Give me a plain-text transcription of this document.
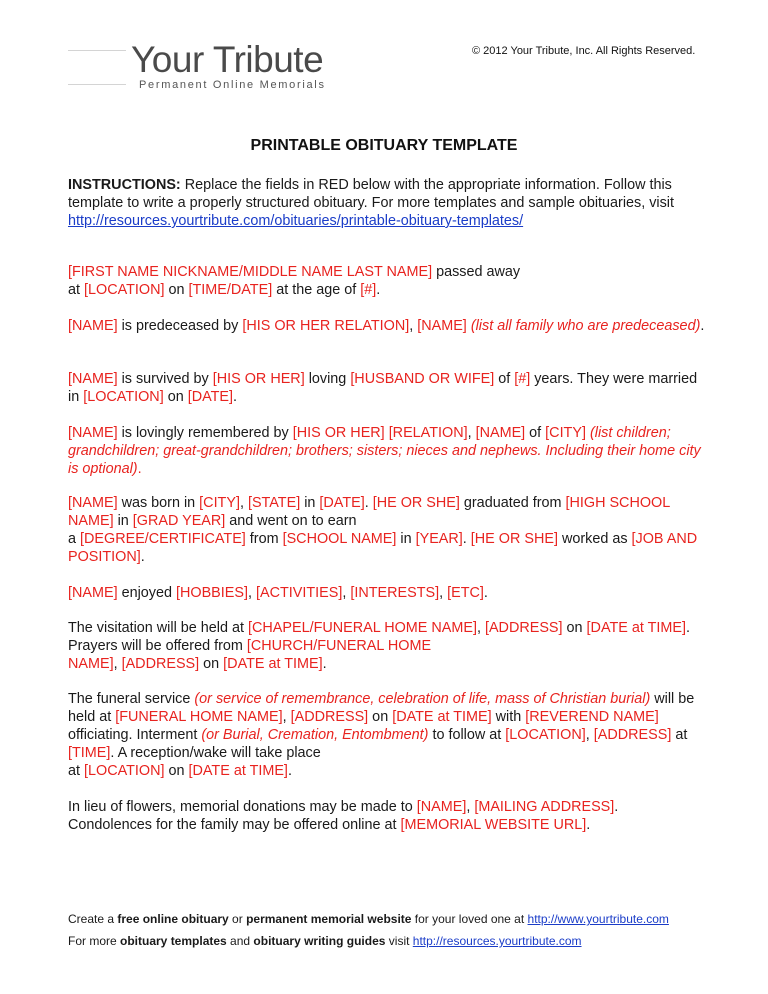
Your Tribute
Permanent Online Memorials
© 2012 Your Tribute, Inc. All Rights Reserved.
PRINTABLE OBITUARY TEMPLATE

INSTRUCTIONS: Replace the fields in RED below with the appropriate information. Follow this template to write a properly structured obituary. For more templates and sample obituaries, visit http://resources.yourtribute.com/obituaries/printable-obituary-templates/

[FIRST NAME NICKNAME/MIDDLE NAME LAST NAME] passed away
at [LOCATION] on [TIME/DATE] at the age of [#].

[NAME] is predeceased by [HIS OR HER RELATION], [NAME] (list all family who are predeceased).

[NAME] is survived by [HIS OR HER] loving [HUSBAND OR WIFE] of [#] years. They were married in [LOCATION] on [DATE].

[NAME] is lovingly remembered by [HIS OR HER] [RELATION], [NAME] of [CITY] (list children; grandchildren; great-grandchildren; brothers; sisters; nieces and nephews. Including their home city is optional).

[NAME] was born in [CITY], [STATE] in [DATE]. [HE OR SHE] graduated from [HIGH SCHOOL NAME] in [GRAD YEAR] and went on to earn
a [DEGREE/CERTIFICATE] from [SCHOOL NAME] in [YEAR]. [HE OR SHE] worked as [JOB AND POSITION].

[NAME] enjoyed [HOBBIES], [ACTIVITIES], [INTERESTS], [ETC].

The visitation will be held at [CHAPEL/FUNERAL HOME NAME], [ADDRESS] on [DATE at TIME]. Prayers will be offered from [CHURCH/FUNERAL HOME
NAME], [ADDRESS] on [DATE at TIME].

The funeral service (or service of remembrance, celebration of life, mass of Christian burial) will be held at [FUNERAL HOME NAME], [ADDRESS] on [DATE at TIME] with [REVEREND NAME] officiating. Interment (or Burial, Cremation, Entombment) to follow at [LOCATION], [ADDRESS] at [TIME]. A reception/wake will take place
at [LOCATION] on [DATE at TIME].

In lieu of flowers, memorial donations may be made to [NAME], [MAILING ADDRESS].
Condolences for the family may be offered online at [MEMORIAL WEBSITE URL].

Create a free online obituary or permanent memorial website for your loved one at http://www.yourtribute.com
For more obituary templates and obituary writing guides visit http://resources.yourtribute.com
